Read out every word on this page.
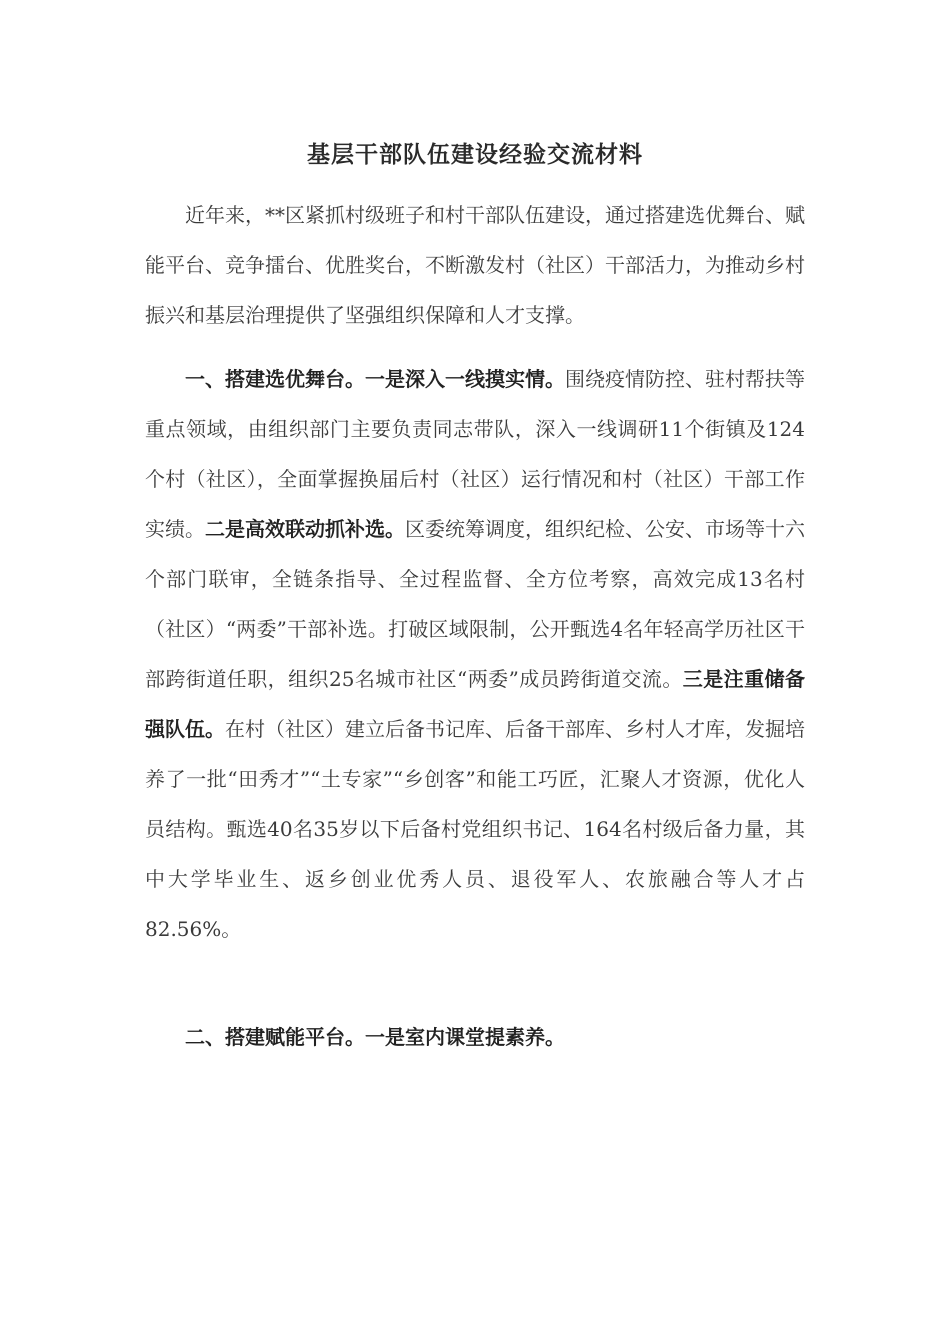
基层干部队伍建设经验交流材料

近年来，**区紧抓村级班子和村干部队伍建设，通过搭建选优舞台、赋能平台、竞争擂台、优胜奖台，不断激发村（社区）干部活力，为推动乡村振兴和基层治理提供了坚强组织保障和人才支撑。

一、搭建选优舞台。一是深入一线摸实情。围绕疫情防控、驻村帮扶等重点领域，由组织部门主要负责同志带队，深入一线调研11个街镇及124个村（社区），全面掌握换届后村（社区）运行情况和村（社区）干部工作实绩。二是高效联动抓补选。区委统筹调度，组织纪检、公安、市场等十六个部门联审，全链条指导、全过程监督、全方位考察，高效完成13名村（社区）“两委”干部补选。打破区域限制，公开甄选4名年轻高学历社区干部跨街道任职，组织25名城市社区“两委”成员跨街道交流。三是注重储备强队伍。在村（社区）建立后备书记库、后备干部库、乡村人才库，发掘培养了一批“田秀才”“土专家”“乡创客”和能工巧匠，汇聚人才资源，优化人员结构。甄选40名35岁以下后备村党组织书记、164名村级后备力量，其中大学毕业生、返乡创业优秀人员、退役军人、农旅融合等人才占82.56%。

二、搭建赋能平台。一是室内课堂提素养。
